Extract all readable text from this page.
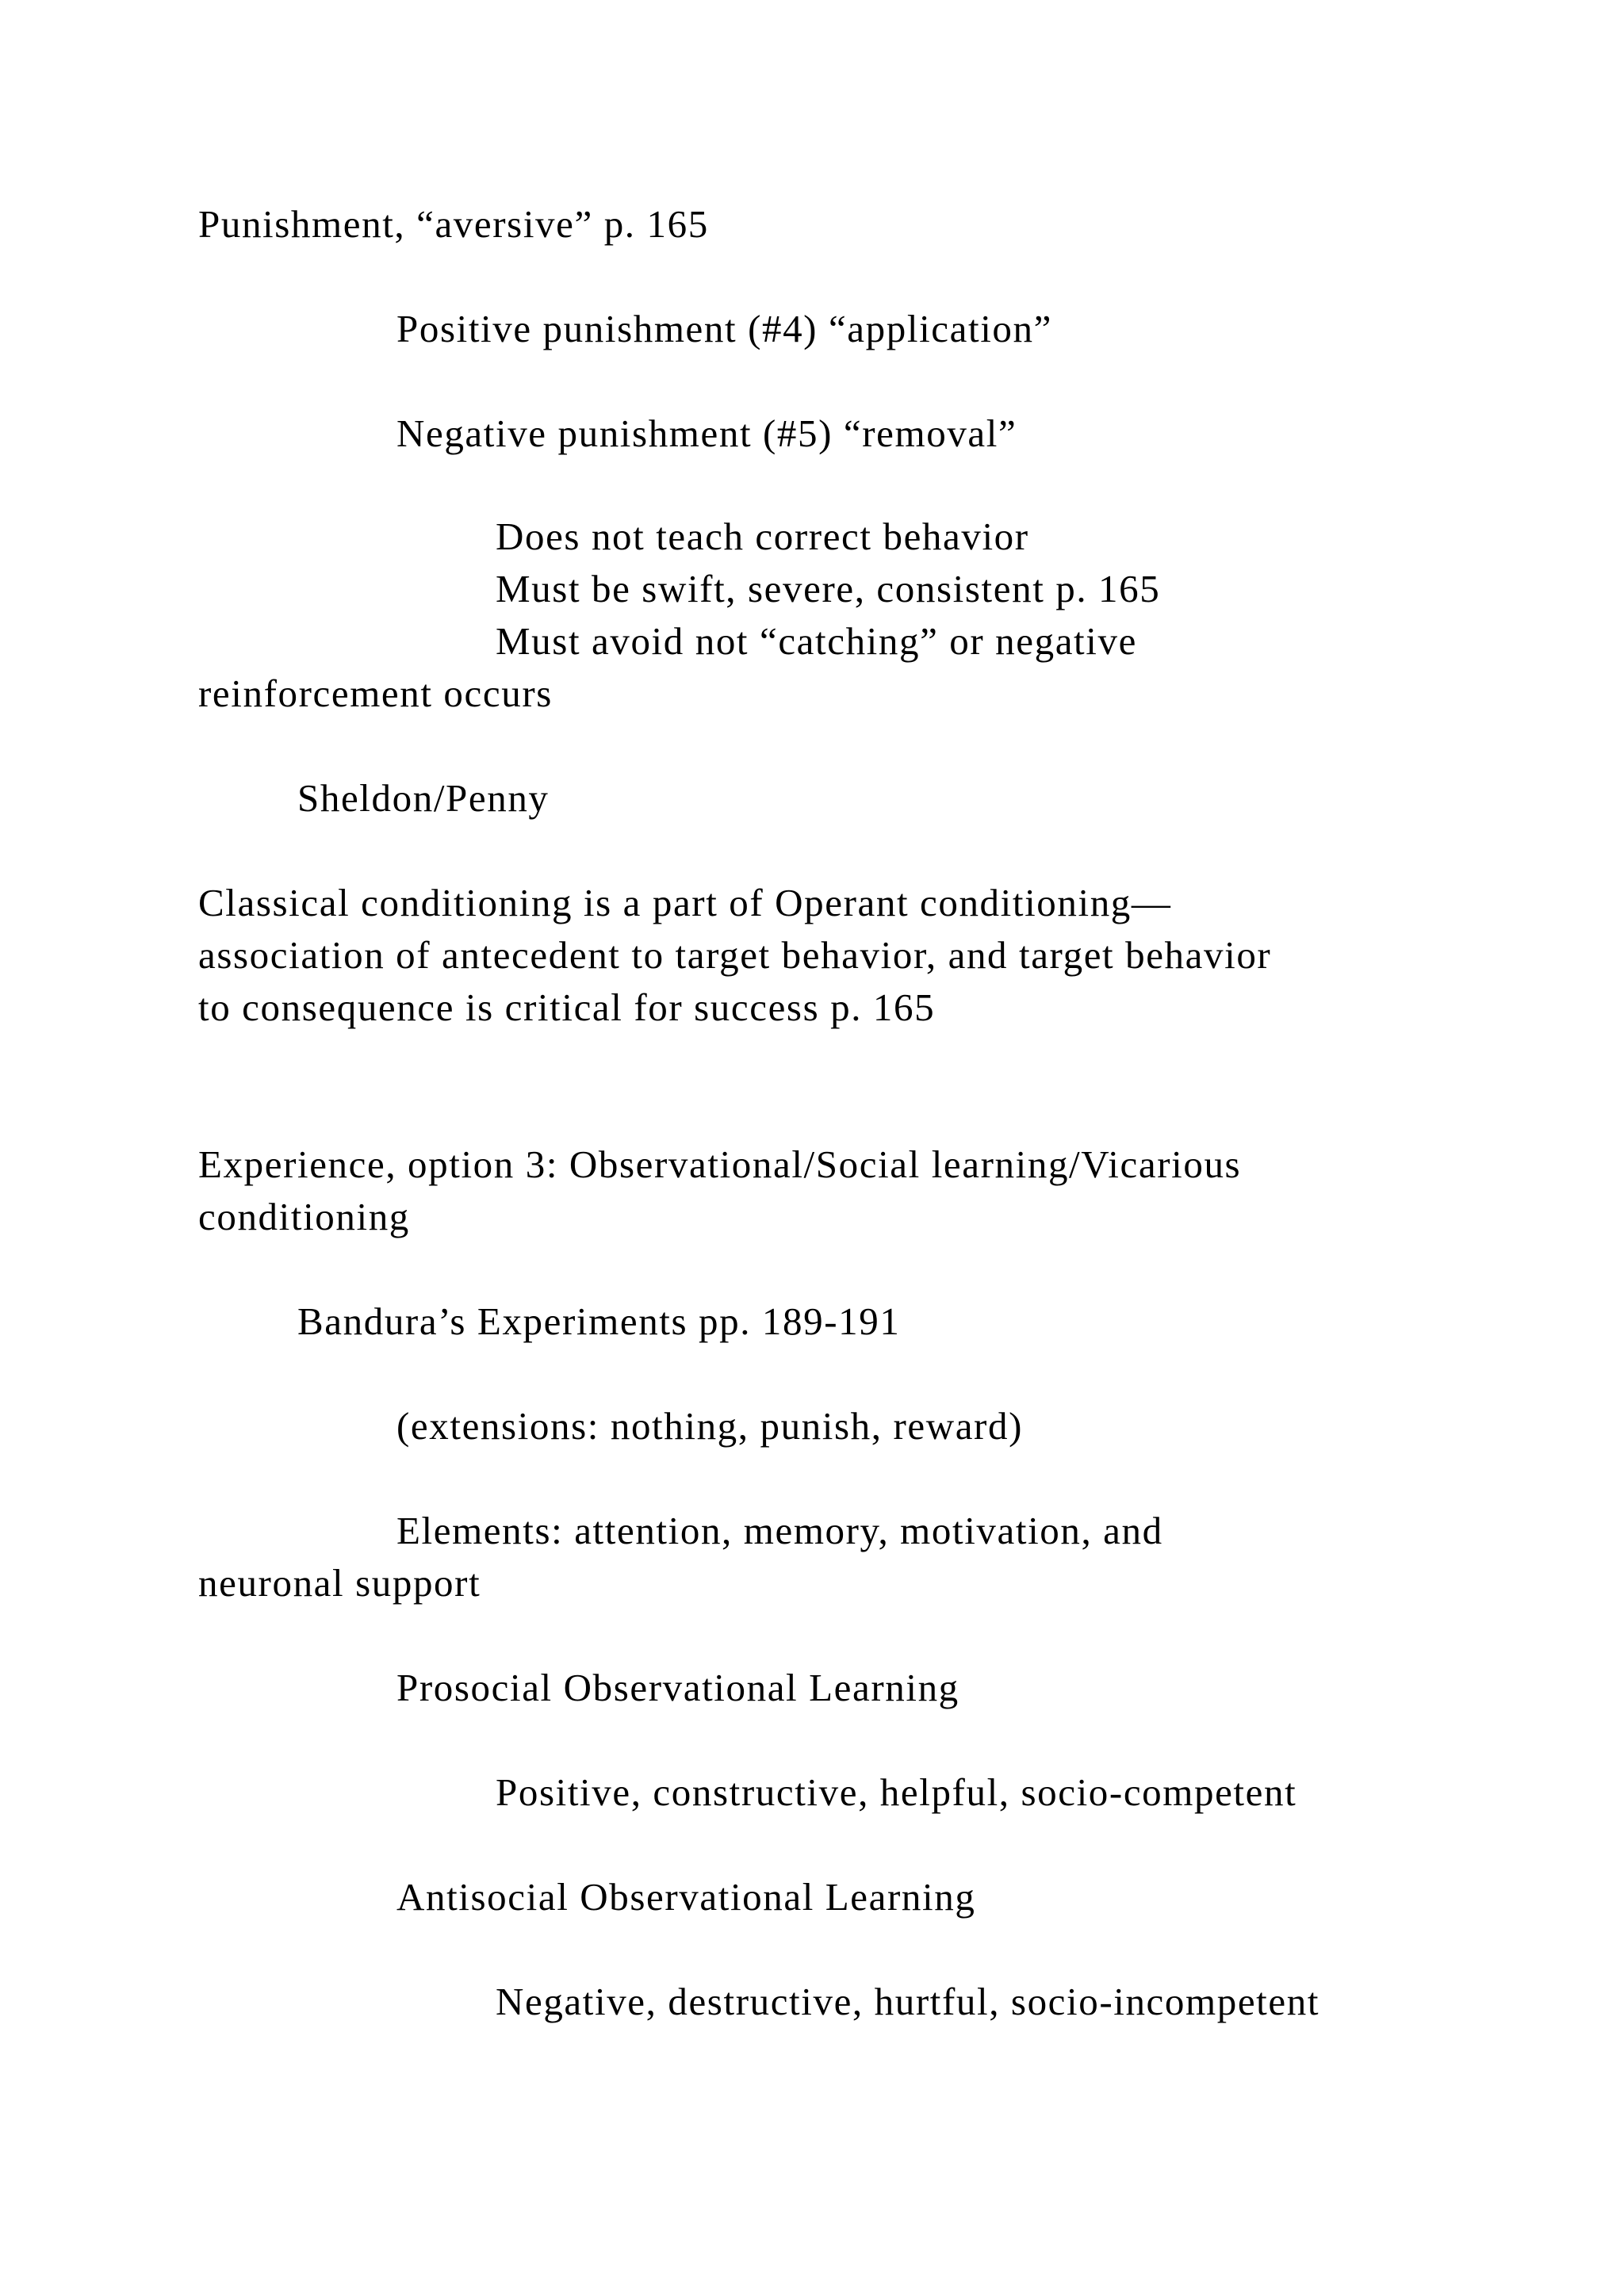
Punishment, “aversive” p. 165
Positive punishment (#4) “application”
Negative punishment (#5) “removal”
Does not teach correct behavior
Must be swift, severe, consistent p. 165
Must avoid not “catching” or negative
reinforcement occurs
Sheldon/Penny
Classical conditioning is a part of Operant conditioning—
association of antecedent to target behavior, and target behavior
to consequence is critical for success p. 165
Experience, option 3: Observational/Social learning/Vicarious
conditioning
Bandura’s Experiments pp. 189-191
(extensions: nothing, punish, reward)
Elements: attention, memory, motivation, and
neuronal support
Prosocial Observational Learning
Positive, constructive, helpful, socio-competent
Antisocial Observational Learning
Negative, destructive, hurtful, socio-incompetent
